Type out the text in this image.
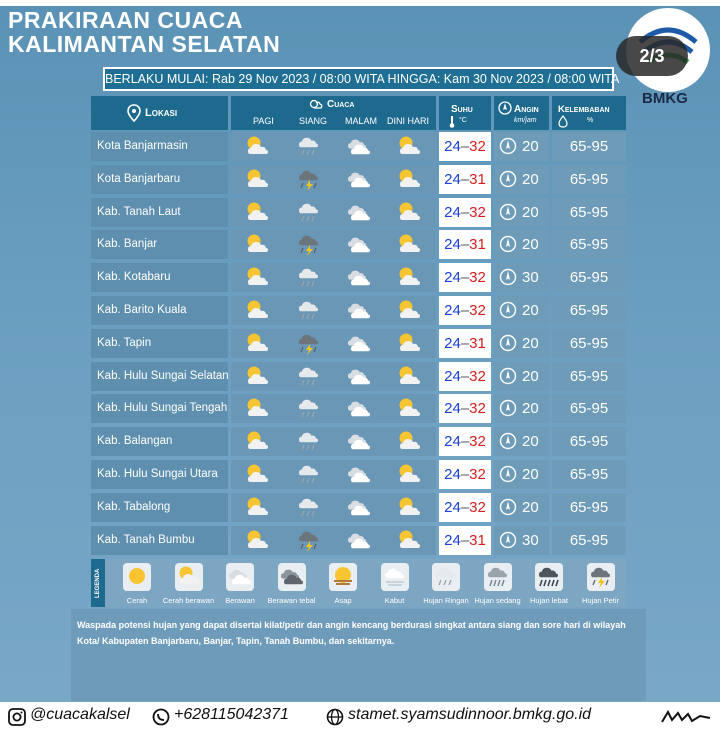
PRAKIRAAN CUACA
KALIMANTAN SELATAN
BMKG
2/3
BERLAKU MULAI: Rab 29 Nov 2023 / 08:00 WITA HINGGA: Kam 30 Nov 2023 / 08:00 WITA
Lokasi
Cuaca
PAGI	SIANG MALAM DINI HARI
Suhu
°C
Angin
km/jam
Kelembaban
%
Kota Banjarmasin	24–32	20	65-95
Kota Banjarbaru	24–31	20	65-95
Kab. Tanah Laut	24–32	20	65-95
Kab. Banjar	24–31	20	65-95
Kab. Kotabaru	24–32	30	65-95
Kab. Barito Kuala	24–32	20	65-95
Kab. Tapin	24–31	20	65-95
Kab. Hulu Sungai Selatan	24–32	20	65-95
Kab. Hulu Sungai Tengah	24–32	20	65-95
Kab. Balangan	24–32	20	65-95
Kab. Hulu Sungai Utara	24–32	20	65-95
Kab. Tabalong	24–32	20	65-95
Kab. Tanah Bumbu	24–31	30	65-95
LEGENDA
Cerah	Cerah berawan	Berawan	Berawan tebal	Asap	Kabut	Hujan Ringan Hujan sedang	Hujan lebat	Hujan Petir
Waspada potensi hujan yang dapat disertai kilat/petir dan angin kencang berdurasi singkat antara siang dan sore hari di wilayah Kota/ Kabupaten Banjarbaru, Banjar, Tapin, Tanah Bumbu, dan sekitarnya.
@cuacakalsel	+628115042371	stamet.syamsudinnoor.bmkg.go.id
